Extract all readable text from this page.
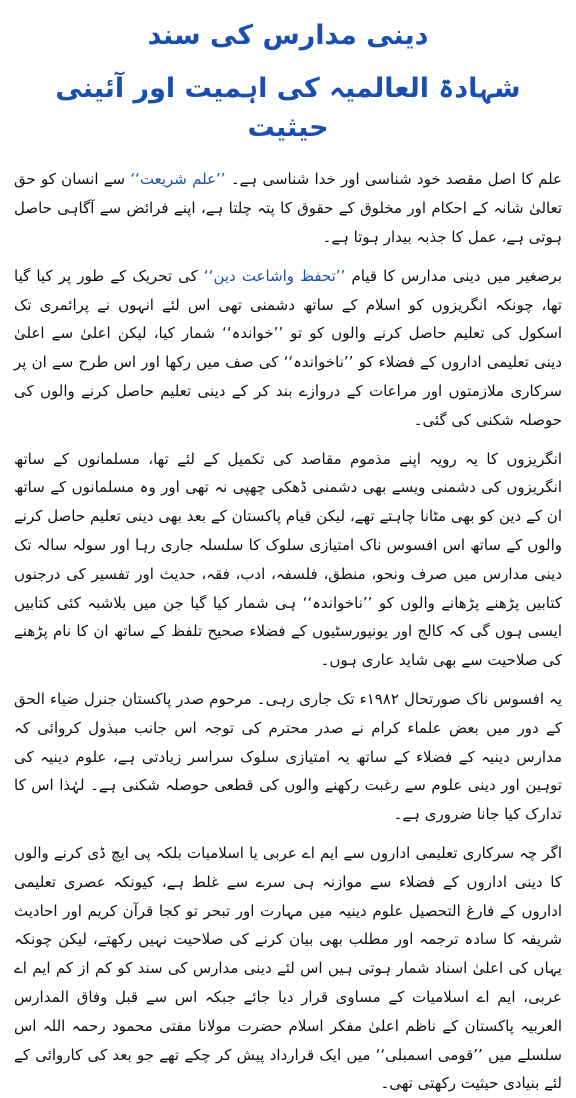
دینی مدارس کی سند
شہادۃ العالمیہ کی اہمیت اور آئینی حیثیت

علم کا اصل مقصد خود شناسی اور خدا شناسی ہے۔ ’’علم شریعت‘‘ سے انسان کو حق تعالیٰ شانہ کے احکام اور مخلوق کے حقوق کا پتہ چلتا ہے، اپنے فرائض سے آگاہی حاصل ہوتی ہے، عمل کا جذبہ بیدار ہوتا ہے۔

برصغیر میں دینی مدارس کا قیام ’’تحفظ واشاعت دین‘‘ کی تحریک کے طور پر کیا گیا تھا، چونکہ انگریزوں کو اسلام کے ساتھ دشمنی تھی اس لئے انہوں نے پرائمری تک اسکول کی تعلیم حاصل کرنے والوں کو تو ’’خواندہ‘‘ شمار کیا، لیکن اعلیٰ سے اعلیٰ دینی تعلیمی اداروں کے فضلاء کو ’’ناخواندہ‘‘ کی صف میں رکھا اور اس طرح سے ان پر سرکاری ملازمتوں اور مراعات کے دروازے بند کر کے دینی تعلیم حاصل کرنے والوں کی حوصلہ شکنی کی گئی۔

انگریزوں کا یہ رویہ اپنے مذموم مقاصد کی تکمیل کے لئے تھا، مسلمانوں کے ساتھ انگریزوں کی دشمنی ویسے بھی دشمنی ڈھکی چھپی نہ تھی اور وہ مسلمانوں کے ساتھ ان کے دین کو بھی مٹانا چاہتے تھے، لیکن قیام پاکستان کے بعد بھی دینی تعلیم حاصل کرنے والوں کے ساتھ اس افسوس ناک امتیازی سلوک کا سلسلہ جاری رہا اور سولہ سالہ تک دینی مدارس میں صرف ونحو، منطق، فلسفہ، ادب، فقہ، حدیث اور تفسیر کی درجنوں کتابیں پڑھنے پڑھانے والوں کو ’’ناخواندہ‘‘ ہی شمار کیا گیا جن میں بلاشبہ کئی کتابیں ایسی ہوں گی کہ کالج اور یونیورسٹیوں کے فضلاء صحیح تلفظ کے ساتھ ان کا نام پڑھنے کی صلاحیت سے بھی شاید عاری ہوں۔

یہ افسوس ناک صورتحال ۱۹۸۲ء تک جاری رہی۔ مرحوم صدر پاکستان جنرل ضیاء الحق کے دور میں بعض علماء کرام نے صدر محترم کی توجہ اس جانب مبذول کروائی کہ مدارس دینیہ کے فضلاء کے ساتھ یہ امتیازی سلوک سراسر زیادتی ہے، علوم دینیہ کی توہین اور دینی علوم سے رغبت رکھنے والوں کی قطعی حوصلہ شکنی ہے۔ لہٰذا اس کا تدارک کیا جانا ضروری ہے۔

اگر چہ سرکاری تعلیمی اداروں سے ایم اے عربی یا اسلامیات بلکہ پی ایچ ڈی کرنے والوں کا دینی اداروں کے فضلاء سے موازنہ ہی سرے سے غلط ہے، کیونکہ عصری تعلیمی اداروں کے فارغ التحصیل علوم دینیہ میں مہارت اور تبحر تو کجا قرآن کریم اور احادیث شریفہ کا سادہ ترجمہ اور مطلب بھی بیان کرنے کی صلاحیت نہیں رکھتے، لیکن چونکہ یہاں کی اعلیٰ اسناد شمار ہوتی ہیں اس لئے دینی مدارس کی سند کو کم از کم ایم اے عربی، ایم اے اسلامیات کے مساوی قرار دیا جائے جبکہ اس سے قبل وفاق المدارس العربیہ پاکستان کے ناظم اعلیٰ مفکر اسلام حضرت مولانا مفتی محمود رحمہ اللہ اس سلسلے میں ’’قومی اسمبلی‘‘ میں ایک قرارداد پیش کر چکے تھے جو بعد کی کاروائی کے لئے بنیادی حیثیت رکھتی تھی۔
